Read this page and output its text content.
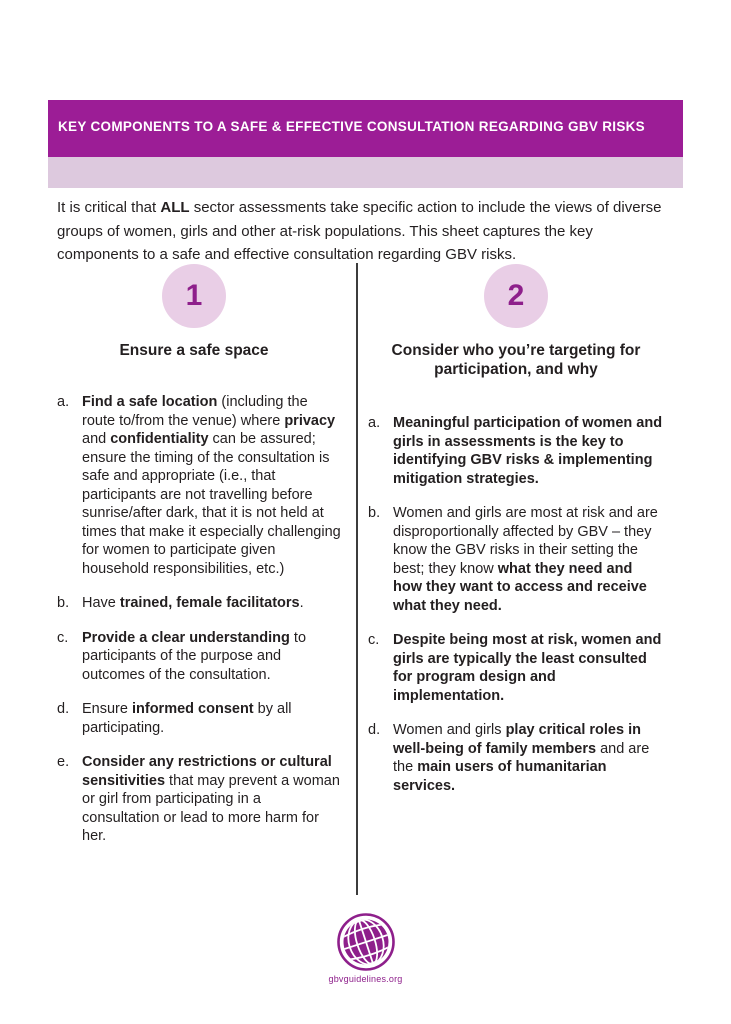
KEY COMPONENTS TO A SAFE & EFFECTIVE CONSULTATION REGARDING GBV RISKS

It is critical that ALL sector assessments take specific action to include the views of diverse groups of women, girls and other at-risk populations. This sheet captures the key components to a safe and effective consultation regarding GBV risks.

1
Ensure a safe space
a. Find a safe location (including the route to/from the venue) where privacy and confidentiality can be assured; ensure the timing of the consultation is safe and appropriate (i.e., that participants are not travelling before sunrise/after dark, that it is not held at times that make it especially challenging for women to participate given household responsibilities, etc.)
b. Have trained, female facilitators.
c. Provide a clear understanding to participants of the purpose and outcomes of the consultation.
d. Ensure informed consent by all participating.
e. Consider any restrictions or cultural sensitivities that may prevent a woman or girl from participating in a consultation or lead to more harm for her.
2
Consider who you’re targeting for participation, and why
a. Meaningful participation of women and girls in assessments is the key to identifying GBV risks & implementing mitigation strategies.
b. Women and girls are most at risk and are disproportionally affected by GBV – they know the GBV risks in their setting the best; they know what they need and how they want to access and receive what they need.
c. Despite being most at risk, women and girls are typically the least consulted for program design and implementation.
d. Women and girls play critical roles in well-being of family members and are the main users of humanitarian services.
gbvguidelines.org
